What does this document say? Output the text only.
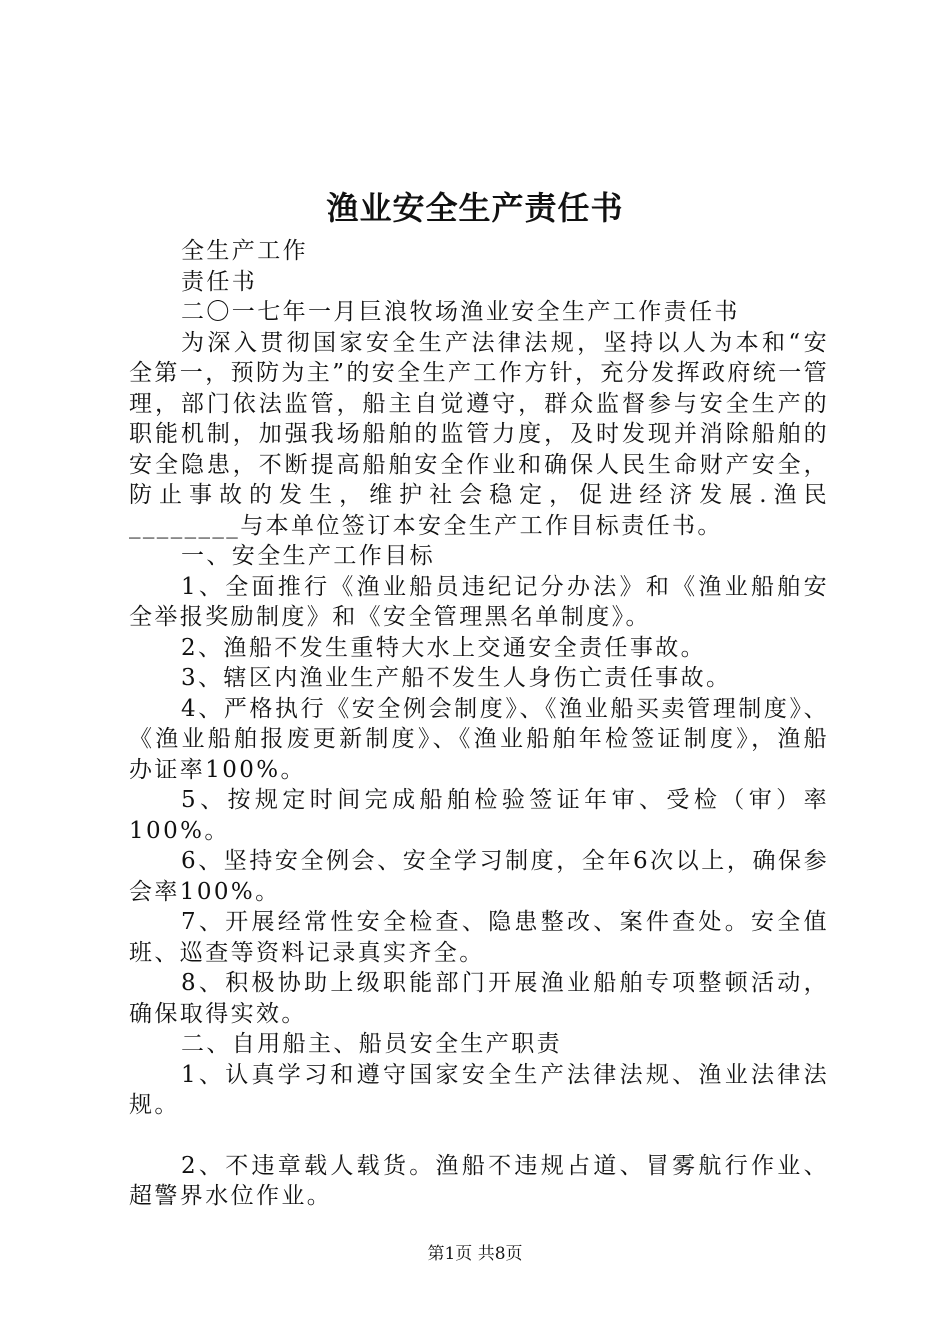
渔业安全生产责任书

全生产工作

责任书

二〇一七年一月巨浪牧场渔业安全生产工作责任书

为深入贯彻国家安全生产法律法规，坚持以人为本和“安全第一，预防为主”的安全生产工作方针，充分发挥政府统一管理，部门依法监管，船主自觉遵守，群众监督参与安全生产的职能机制，加强我场船舶的监管力度，及时发现并消除船舶的安全隐患，不断提高船舶安全作业和确保人民生命财产安全，防止事故的发生，维护社会稳定，促进经济发展.渔民________与本单位签订本安全生产工作目标责任书。

一、安全生产工作目标

1、全面推行《渔业船员违纪记分办法》和《渔业船舶安全举报奖励制度》和《安全管理黑名单制度》。

2、渔船不发生重特大水上交通安全责任事故。

3、辖区内渔业生产船不发生人身伤亡责任事故。

4、严格执行《安全例会制度》、《渔业船买卖管理制度》、《渔业船舶报废更新制度》、《渔业船舶年检签证制度》，渔船办证率100%。

5、按规定时间完成船舶检验签证年审、受检（审）率100%。

6、坚持安全例会、安全学习制度，全年6次以上，确保参会率100%。

7、开展经常性安全检查、隐患整改、案件查处。安全值班、巡查等资料记录真实齐全。

8、积极协助上级职能部门开展渔业船舶专项整顿活动，确保取得实效。

二、自用船主、船员安全生产职责

1、认真学习和遵守国家安全生产法律法规、渔业法律法规。

2、不违章载人载货。渔船不违规占道、冒雾航行作业、超警界水位作业。

第1页 共8页
